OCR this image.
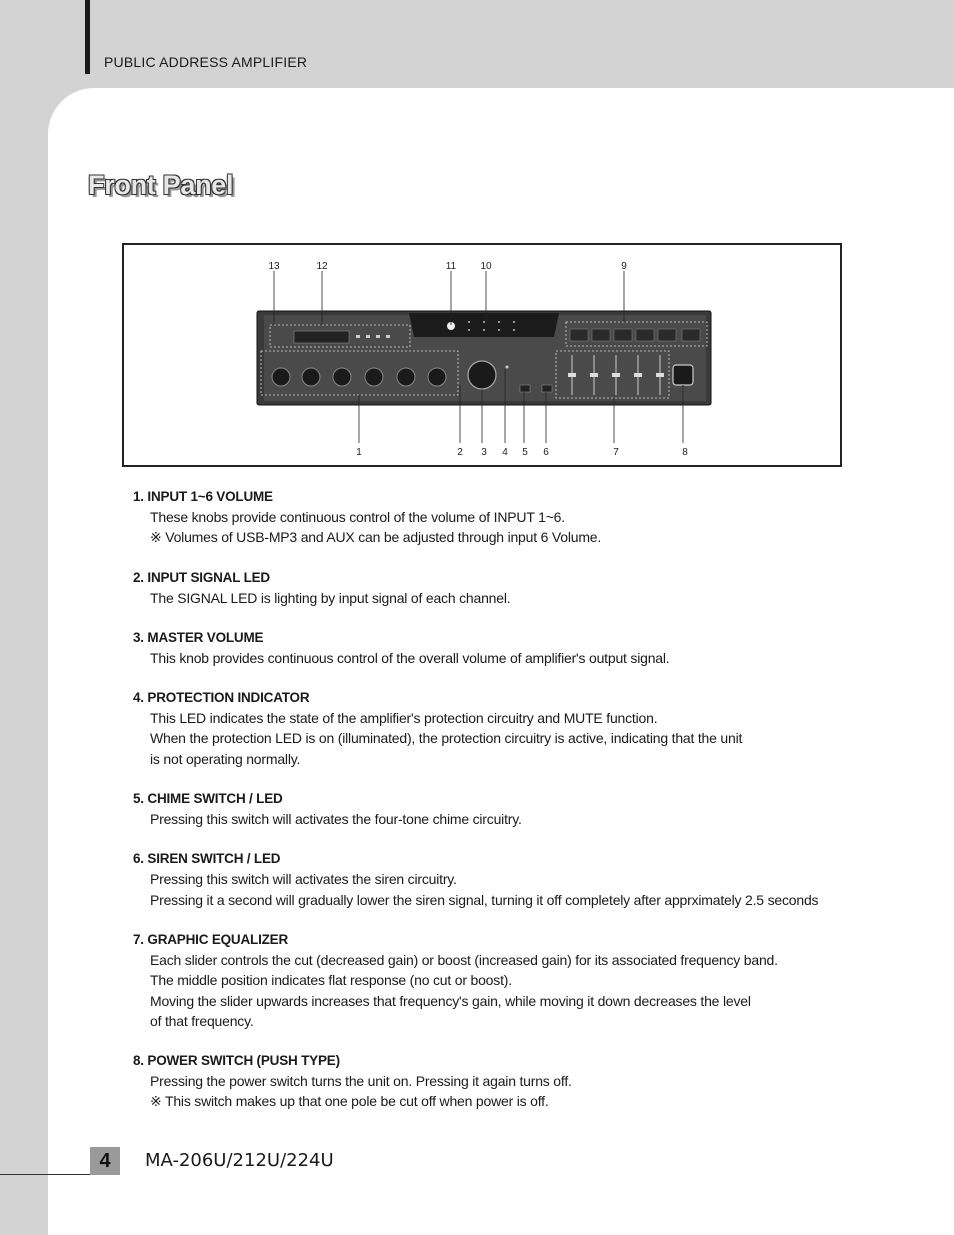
PUBLIC ADDRESS AMPLIFIER
Front Panel
13	12	11 10	9
1	2 3 4 5 6	7	8
1. INPUT 1~6 VOLUME
These knobs provide continuous control of the volume of INPUT 1~6.
※ Volumes of USB-MP3 and AUX can be adjusted through input 6 Volume.
2. INPUT SIGNAL LED
The SIGNAL LED is lighting by input signal of each channel.
3. MASTER VOLUME
This knob provides continuous control of the overall volume of amplifier's output signal.
4. PROTECTION INDICATOR
This LED indicates the state of the amplifier's protection circuitry and MUTE function.
When the protection LED is on (illuminated), the protection circuitry is active, indicating that the unit
is not operating normally.
5. CHIME SWITCH / LED
Pressing this switch will activates the four-tone chime circuitry.
6. SIREN SWITCH / LED
Pressing this switch will activates the siren circuitry.
Pressing it a second will gradually lower the siren signal, turning it off completely after apprximately 2.5 seconds
7. GRAPHIC EQUALIZER
Each slider controls the cut (decreased gain) or boost (increased gain) for its associated frequency band.
The middle position indicates flat response (no cut or boost).
Moving the slider upwards increases that frequency's gain, while moving it down decreases the level
of that frequency.
8. POWER SWITCH (PUSH TYPE)
Pressing the power switch turns the unit on. Pressing it again turns off.
※ This switch makes up that one pole be cut off when power is off.
4	MA-206U/212U/224U
